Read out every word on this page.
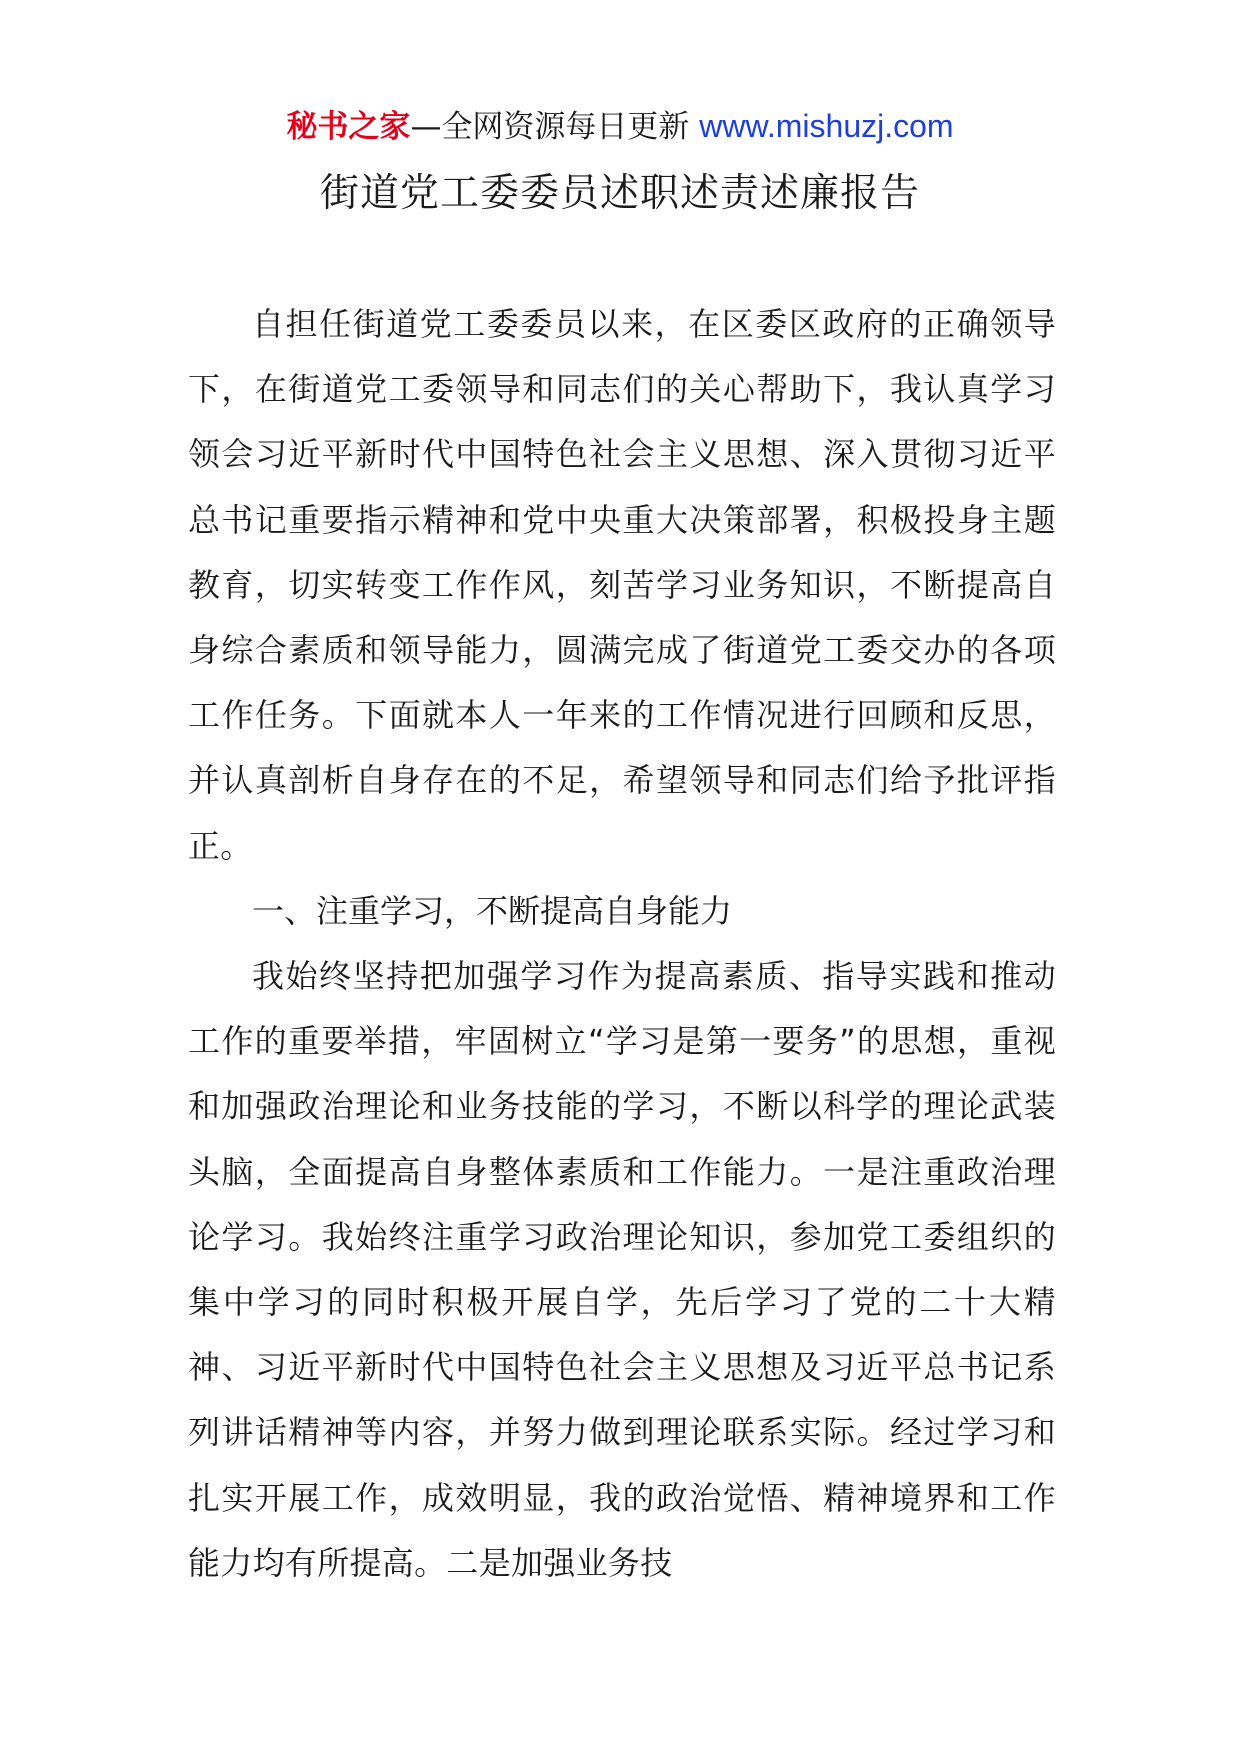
秘书之家—全网资源每日更新 www.mishuzj.com
街道党工委委员述职述责述廉报告

自担任街道党工委委员以来，在区委区政府的正确领导下，在街道党工委领导和同志们的关心帮助下，我认真学习领会习近平新时代中国特色社会主义思想、深入贯彻习近平总书记重要指示精神和党中央重大决策部署，积极投身主题教育，切实转变工作作风，刻苦学习业务知识，不断提高自身综合素质和领导能力，圆满完成了街道党工委交办的各项工作任务。下面就本人一年来的工作情况进行回顾和反思，并认真剖析自身存在的不足，希望领导和同志们给予批评指正。

一、注重学习，不断提高自身能力

我始终坚持把加强学习作为提高素质、指导实践和推动工作的重要举措，牢固树立“学习是第一要务”的思想，重视和加强政治理论和业务技能的学习，不断以科学的理论武装头脑，全面提高自身整体素质和工作能力。一是注重政治理论学习。我始终注重学习政治理论知识，参加党工委组织的集中学习的同时积极开展自学，先后学习了党的二十大精神、习近平新时代中国特色社会主义思想及习近平总书记系列讲话精神等内容，并努力做到理论联系实际。经过学习和扎实开展工作，成效明显，我的政治觉悟、精神境界和工作能力均有所提高。二是加强业务技
